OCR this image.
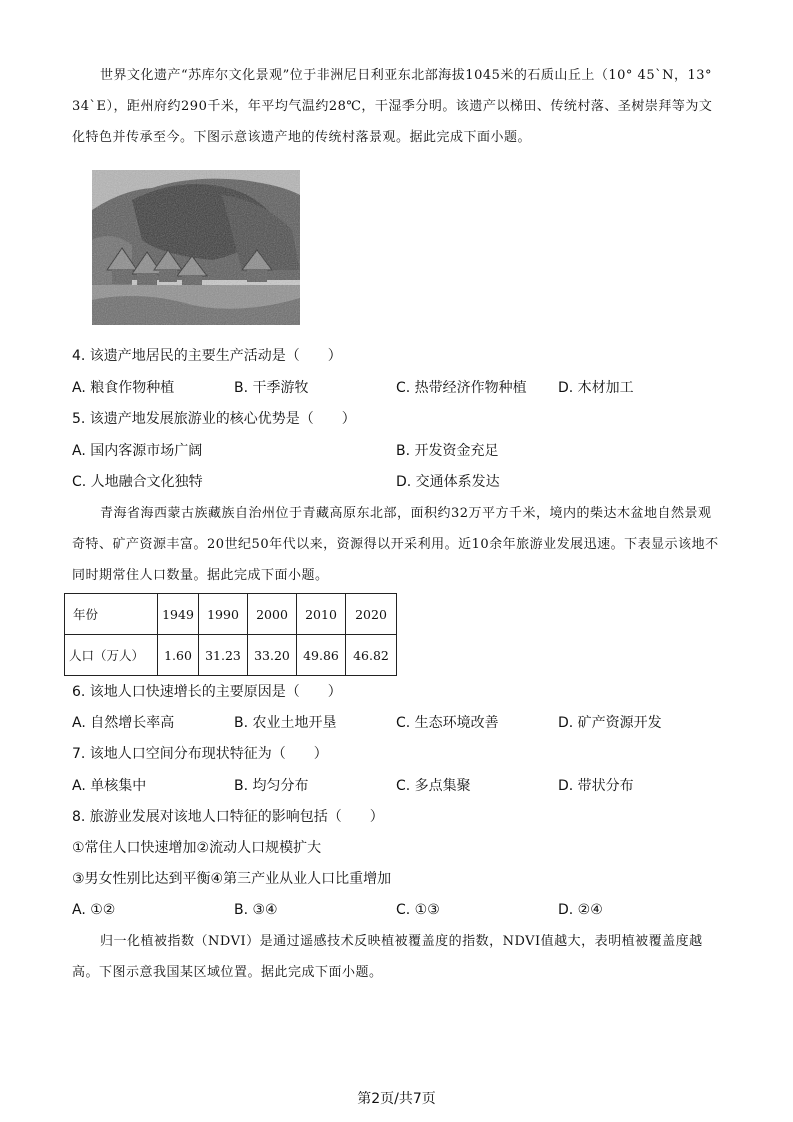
世界文化遗产“苏库尔文化景观”位于非洲尼日利亚东北部海拔1045米的石质山丘上（10° 45`N，13° 34`E），距州府约290千米，年平均气温约28℃，干湿季分明。该遗产以梯田、传统村落、圣树崇拜等为文化特色并传承至今。下图示意该遗产地的传统村落景观。据此完成下面小题。

4. 该遗产地居民的主要生产活动是（　　）

A. 粮食作物种植	B. 干季游牧	C. 热带经济作物种植 D. 木材加工

5. 该遗产地发展旅游业的核心优势是（　　）

A. 国内客源市场广阔	B. 开发资金充足
C. 人地融合文化独特	D. 交通体系发达

青海省海西蒙古族藏族自治州位于青藏高原东北部，面积约32万平方千米，境内的柴达木盆地自然景观奇特、矿产资源丰富。20世纪50年代以来，资源得以开采利用。近10余年旅游业发展迅速。下表显示该地不同时期常住人口数量。据此完成下面小题。

年份	1949	1990	2000	2010	2020
人口（万人）	1.60	31.23	33.20	49.86	46.82

6. 该地人口快速增长的主要原因是（　　）

A. 自然增长率高	B. 农业土地开垦	C. 生态环境改善	D. 矿产资源开发

7. 该地人口空间分布现状特征为（　　）

A. 单核集中	B. 均匀分布	C. 多点集聚	D. 带状分布

8. 旅游业发展对该地人口特征的影响包括（　　）

①常住人口快速增加②流动人口规模扩大

③男女性别比达到平衡④第三产业从业人口比重增加

A. ①②	B. ③④	C. ①③	D. ②④

归一化植被指数（NDVI）是通过遥感技术反映植被覆盖度的指数，NDVI值越大，表明植被覆盖度越高。下图示意我国某区域位置。据此完成下面小题。

第2页/共7页
